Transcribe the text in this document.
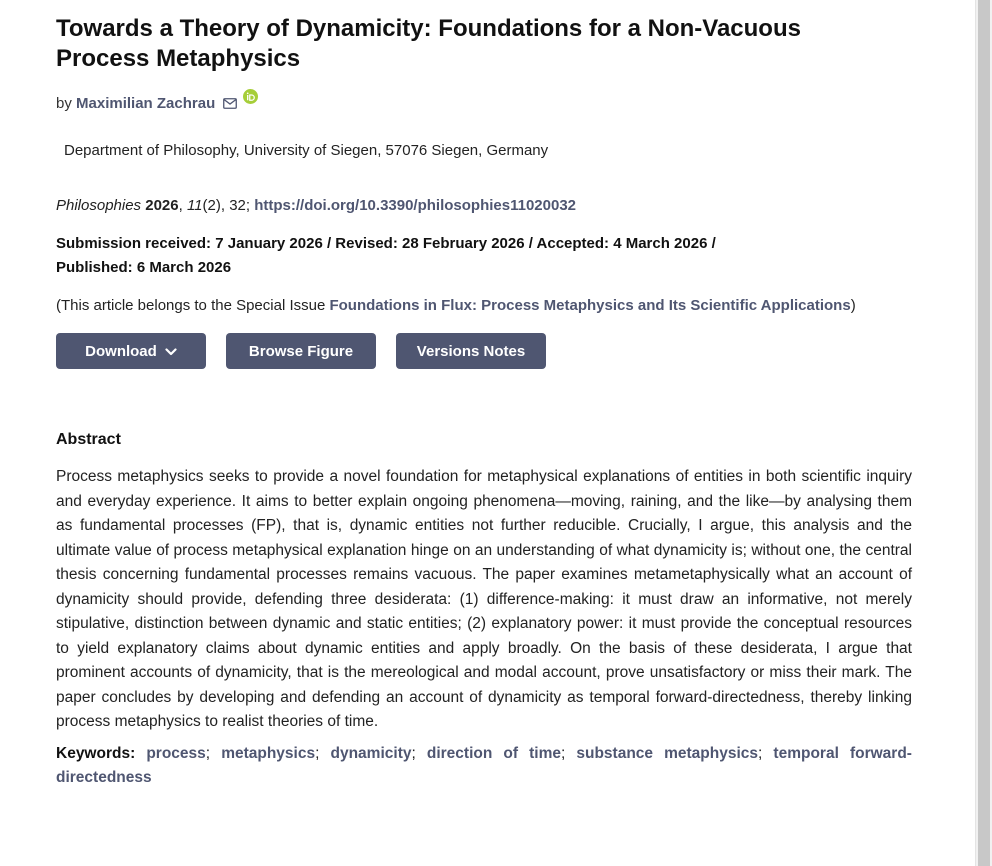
Towards a Theory of Dynamicity: Foundations for a Non-Vacuous Process Metaphysics
by Maximilian Zachrau
Department of Philosophy, University of Siegen, 57076 Siegen, Germany
Philosophies 2026, 11(2), 32; https://doi.org/10.3390/philosophies11020032
Submission received: 7 January 2026 / Revised: 28 February 2026 / Accepted: 4 March 2026 /
Published: 6 March 2026
(This article belongs to the Special Issue Foundations in Flux: Process Metaphysics and Its Scientific Applications)
Download	Browse Figure	Versions Notes
Abstract
Process metaphysics seeks to provide a novel foundation for metaphysical explanations of entities in both scientific inquiry and everyday experience. It aims to better explain ongoing phenomena—moving, raining, and the like—by analysing them as fundamental processes (FP), that is, dynamic entities not further reducible. Crucially, I argue, this analysis and the ultimate value of process metaphysical explanation hinge on an understanding of what dynamicity is; without one, the central thesis concerning fundamental processes remains vacuous. The paper examines metametaphysically what an account of dynamicity should provide, defending three desiderata: (1) difference-making: it must draw an informative, not merely stipulative, distinction between dynamic and static entities; (2) explanatory power: it must provide the conceptual resources to yield explanatory claims about dynamic entities and apply broadly. On the basis of these desiderata, I argue that prominent accounts of dynamicity, that is the mereological and modal account, prove unsatisfactory or miss their mark. The paper concludes by developing and defending an account of dynamicity as temporal forward-directedness, thereby linking process metaphysics to realist theories of time.
Keywords: process; metaphysics; dynamicity; direction of time; substance metaphysics; temporal forward-directedness
